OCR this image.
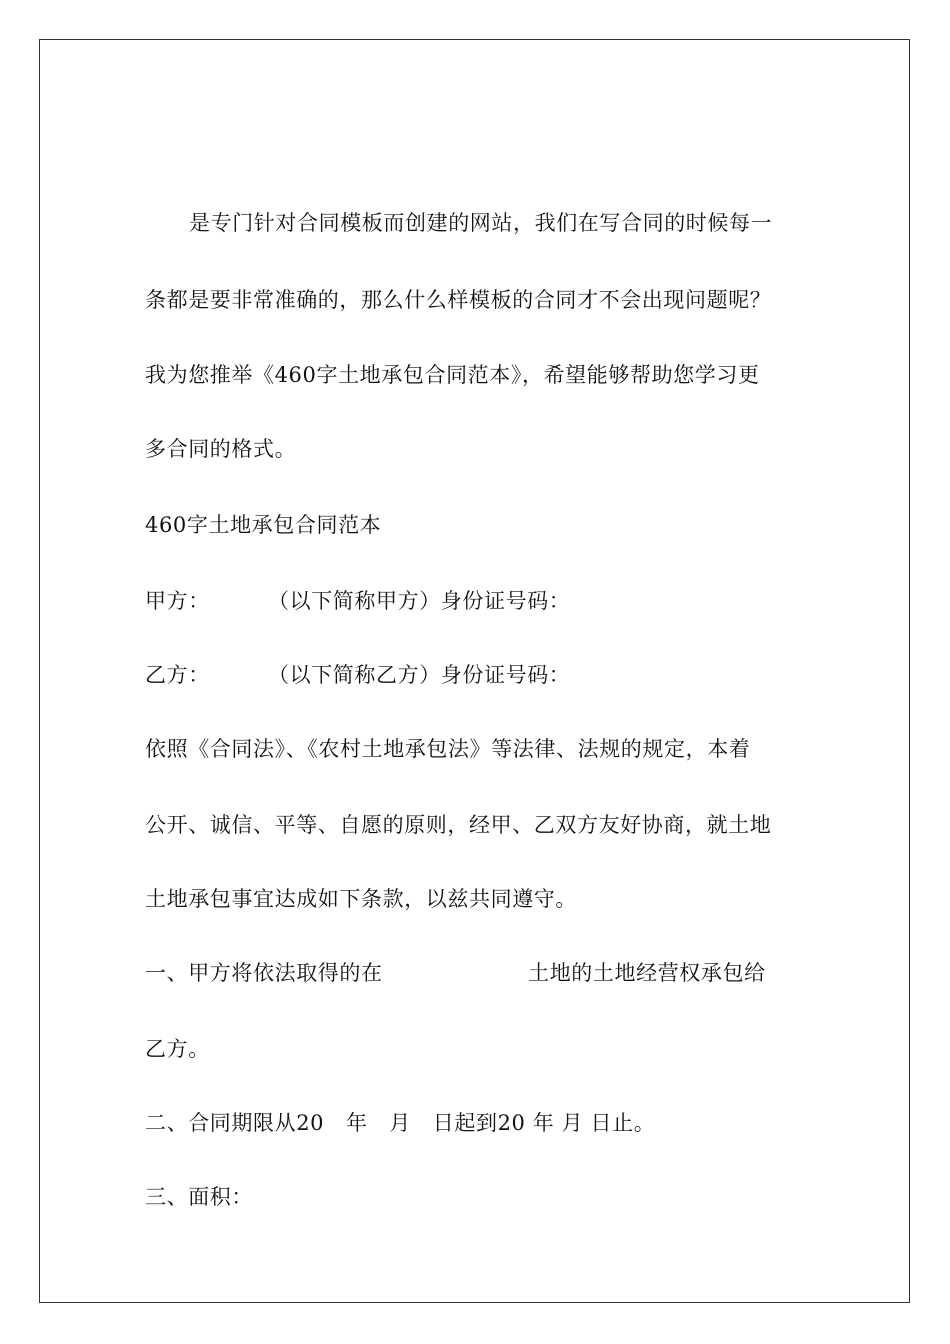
是专门针对合同模板而创建的网站，我们在写合同的时候每一
条都是要非常准确的，那么什么样模板的合同才不会出现问题呢？
我为您推举《460字土地承包合同范本》，希望能够帮助您学习更
多合同的格式。
460字土地承包合同范本
甲方：        （以下简称甲方）身份证号码：
乙方：        （以下简称乙方）身份证号码：
依照《合同法》、《农村土地承包法》等法律、法规的规定，本着
公开、诚信、平等、自愿的原则，经甲、乙双方友好协商，就土地
土地承包事宜达成如下条款，以兹共同遵守。
一、甲方将依法取得的在                    土地的土地经营权承包给
乙方。
二、合同期限从20   年   月   日起到20 年 月 日止。
三、面积：
